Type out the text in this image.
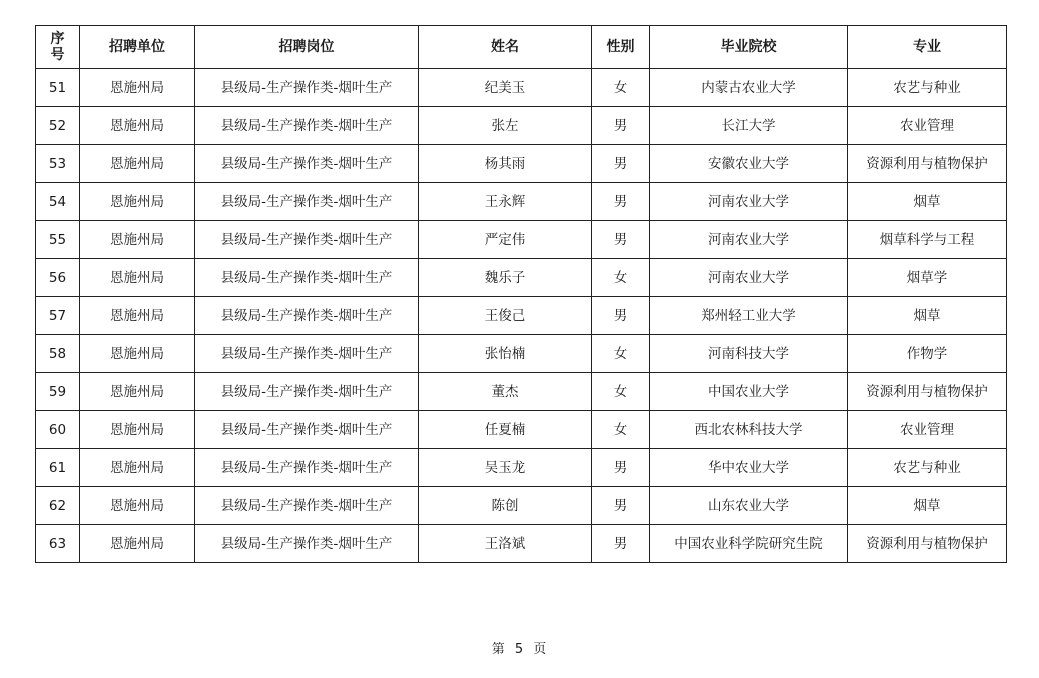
序
号	招聘单位	招聘岗位	姓名	性别	毕业院校	专业
51	恩施州局	县级局-生产操作类-烟叶生产	纪美玉	女	内蒙古农业大学	农艺与种业
52	恩施州局	县级局-生产操作类-烟叶生产	张左	男	长江大学	农业管理
53	恩施州局	县级局-生产操作类-烟叶生产	杨其雨	男	安徽农业大学	资源利用与植物保护
54	恩施州局	县级局-生产操作类-烟叶生产	王永辉	男	河南农业大学	烟草
55	恩施州局	县级局-生产操作类-烟叶生产	严定伟	男	河南农业大学	烟草科学与工程
56	恩施州局	县级局-生产操作类-烟叶生产	魏乐子	女	河南农业大学	烟草学
57	恩施州局	县级局-生产操作类-烟叶生产	王俊己	男	郑州轻工业大学	烟草
58	恩施州局	县级局-生产操作类-烟叶生产	张怡楠	女	河南科技大学	作物学
59	恩施州局	县级局-生产操作类-烟叶生产	董杰	女	中国农业大学	资源利用与植物保护
60	恩施州局	县级局-生产操作类-烟叶生产	任夏楠	女	西北农林科技大学	农业管理
61	恩施州局	县级局-生产操作类-烟叶生产	吴玉龙	男	华中农业大学	农艺与种业
62	恩施州局	县级局-生产操作类-烟叶生产	陈创	男	山东农业大学	烟草
63	恩施州局	县级局-生产操作类-烟叶生产	王洛斌	男	中国农业科学院研究生院	资源利用与植物保护
第 5 页
